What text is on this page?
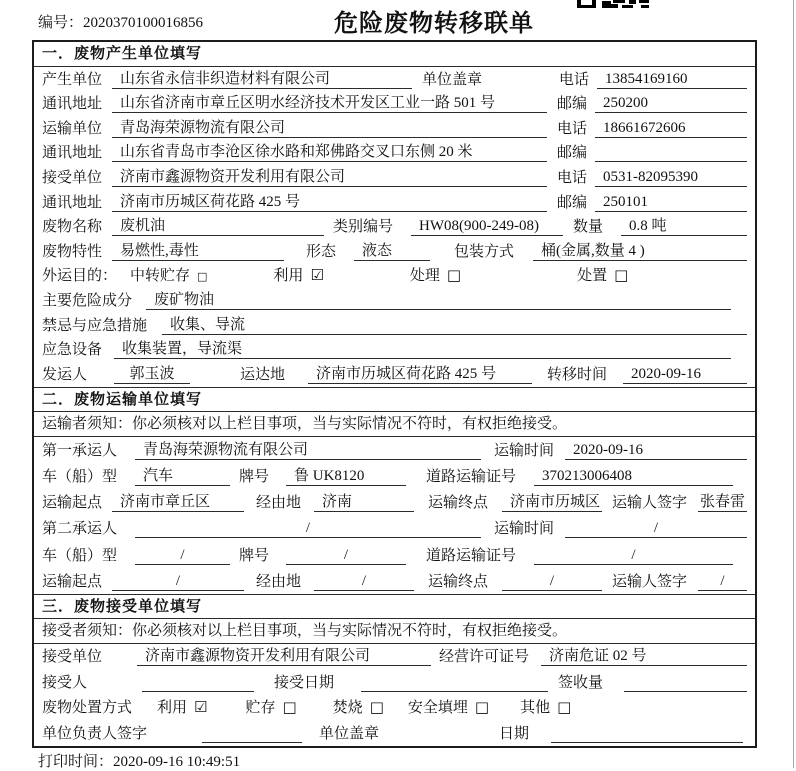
编号：2020370100016856	危险废物转移联单
一．废物产生单位填写
产生单位	山东省永信非织造材料有限公司	单位盖章	电话	13854169160
通讯地址	山东省济南市章丘区明水经济技术开发区工业一路 501 号	邮编	250200
运输单位	青岛海荣源物流有限公司	电话	18661672606
通讯地址	山东省青岛市李沧区徐水路和郑佛路交叉口东侧 20 米	邮编
接受单位	济南市鑫源物资开发利用有限公司	电话	0531-82095390
通讯地址	济南市历城区荷花路 425 号	邮编	250101
废物名称	废机油	类别编号	HW08(900-249-08)	数量	0.8 吨
废物特性	易燃性,毒性	形态	液态	包装方式	桶(金属,数量 4 )
外运目的： 中转贮存 □	利用 ☑	处理 □	处置 □
主要危险成分	废矿物油
禁忌与应急措施	收集、导流
应急设备	收集装置，导流渠
发运人	郭玉波	运达地	济南市历城区荷花路 425 号	转移时间	2020-09-16
二．废物运输单位填写
运输者须知：你必须核对以上栏目事项，当与实际情况不符时，有权拒绝接受。
第一承运人	青岛海荣源物流有限公司	运输时间	2020-09-16
车（船）型	汽车	牌号	鲁 UK8120	道路运输证号	370213006408
运输起点	济南市章丘区	经由地	济南	运输终点	济南市历城区 运输人签字 张春雷
第二承运人	/	运输时间	/
车（船）型	/	牌号	/	道路运输证号	/
运输起点	/	经由地	/	运输终点	/	运输人签字	/
三．废物接受单位填写
接受者须知：你必须核对以上栏目事项，当与实际情况不符时，有权拒绝接受。
接受单位	济南市鑫源物资开发利用有限公司	经营许可证号	济南危证 02 号
接受人	接受日期	签收量
废物处置方式	利用 ☑	贮存 □ 焚烧 □ 安全填埋 □ 其他 □
单位负责人签字	单位盖章	日期
打印时间：2020-09-16 10:49:51
